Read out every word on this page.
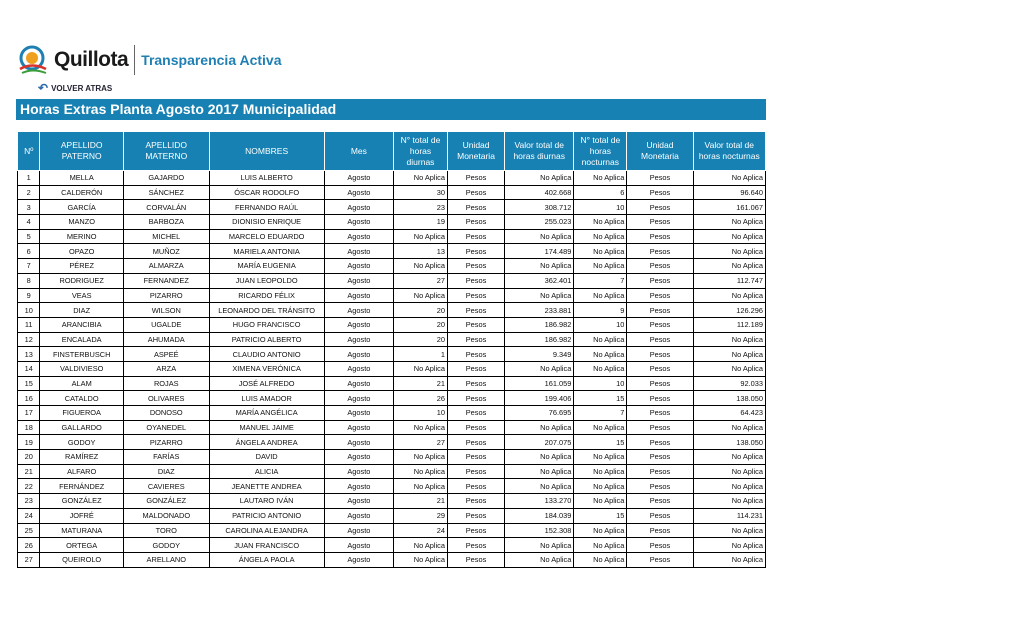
Quillota Transparencia Activa
↶ VOLVER ATRAS
Horas Extras Planta Agosto 2017 Municipalidad
Nº	APELLIDO PATERNO	APELLIDO MATERNO	NOMBRES	Mes	N° total de horas diurnas	Unidad Monetaria	Valor total de horas diurnas	N° total de horas nocturnas	Unidad Monetaria	Valor total de horas nocturnas
1	MELLA	GAJARDO	LUIS ALBERTO	Agosto	No Aplica	Pesos	No Aplica	No Aplica	Pesos	No Aplica
2	CALDERÓN	SÁNCHEZ	ÓSCAR RODOLFO	Agosto	30	Pesos	402.668	6	Pesos	96.640
3	GARCÍA	CORVALÁN	FERNANDO RAÚL	Agosto	23	Pesos	308.712	10	Pesos	161.067
4	MANZO	BARBOZA	DIONISIO ENRIQUE	Agosto	19	Pesos	255.023	No Aplica	Pesos	No Aplica
5	MERINO	MICHEL	MARCELO EDUARDO	Agosto	No Aplica	Pesos	No Aplica	No Aplica	Pesos	No Aplica
6	OPAZO	MUÑOZ	MARIELA ANTONIA	Agosto	13	Pesos	174.489	No Aplica	Pesos	No Aplica
7	PÉREZ	ALMARZA	MARÍA EUGENIA	Agosto	No Aplica	Pesos	No Aplica	No Aplica	Pesos	No Aplica
8	RODRIGUEZ	FERNANDEZ	JUAN LEOPOLDO	Agosto	27	Pesos	362.401	7	Pesos	112.747
9	VEAS	PIZARRO	RICARDO FÉLIX	Agosto	No Aplica	Pesos	No Aplica	No Aplica	Pesos	No Aplica
10	DIAZ	WILSON	LEONARDO DEL TRÁNSITO	Agosto	20	Pesos	233.881	9	Pesos	126.296
11	ARANCIBIA	UGALDE	HUGO FRANCISCO	Agosto	20	Pesos	186.982	10	Pesos	112.189
12	ENCALADA	AHUMADA	PATRICIO ALBERTO	Agosto	20	Pesos	186.982	No Aplica	Pesos	No Aplica
13	FINSTERBUSCH	ASPEÉ	CLAUDIO ANTONIO	Agosto	1	Pesos	9.349	No Aplica	Pesos	No Aplica
14	VALDIVIESO	ARZA	XIMENA VERÓNICA	Agosto	No Aplica	Pesos	No Aplica	No Aplica	Pesos	No Aplica
15	ALAM	ROJAS	JOSÉ ALFREDO	Agosto	21	Pesos	161.059	10	Pesos	92.033
16	CATALDO	OLIVARES	LUIS AMADOR	Agosto	26	Pesos	199.406	15	Pesos	138.050
17	FIGUEROA	DONOSO	MARÍA ANGÉLICA	Agosto	10	Pesos	76.695	7	Pesos	64.423
18	GALLARDO	OYANEDEL	MANUEL JAIME	Agosto	No Aplica	Pesos	No Aplica	No Aplica	Pesos	No Aplica
19	GODOY	PIZARRO	ÁNGELA ANDREA	Agosto	27	Pesos	207.075	15	Pesos	138.050
20	RAMÍREZ	FARÍAS	DAVID	Agosto	No Aplica	Pesos	No Aplica	No Aplica	Pesos	No Aplica
21	ALFARO	DIAZ	ALICIA	Agosto	No Aplica	Pesos	No Aplica	No Aplica	Pesos	No Aplica
22	FERNÁNDEZ	CAVIERES	JEANETTE ANDREA	Agosto	No Aplica	Pesos	No Aplica	No Aplica	Pesos	No Aplica
23	GONZÁLEZ	GONZÁLEZ	LAUTARO IVÁN	Agosto	21	Pesos	133.270	No Aplica	Pesos	No Aplica
24	JOFRÉ	MALDONADO	PATRICIO ANTONIO	Agosto	29	Pesos	184.039	15	Pesos	114.231
25	MATURANA	TORO	CAROLINA ALEJANDRA	Agosto	24	Pesos	152.308	No Aplica	Pesos	No Aplica
26	ORTEGA	GODOY	JUAN FRANCISCO	Agosto	No Aplica	Pesos	No Aplica	No Aplica	Pesos	No Aplica
27	QUEIROLO	ARELLANO	ÁNGELA PAOLA	Agosto	No Aplica	Pesos	No Aplica	No Aplica	Pesos	No Aplica
